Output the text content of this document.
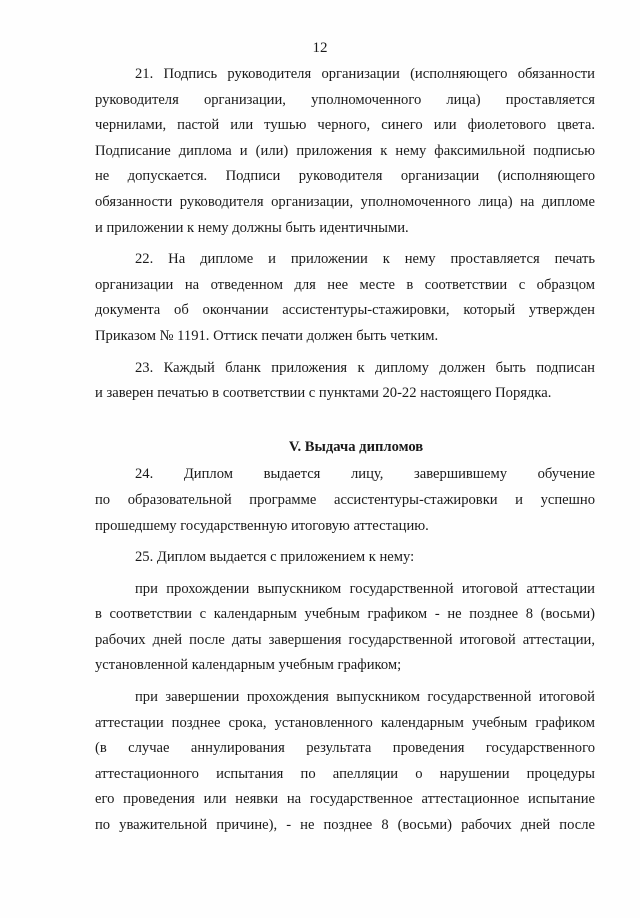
12

21. Подпись руководителя организации (исполняющего обязанности
руководителя организации, уполномоченного лица) проставляется
чернилами, пастой или тушью черного, синего или фиолетового цвета.
Подписание диплома и (или) приложения к нему факсимильной подписью
не допускается. Подписи руководителя организации (исполняющего
обязанности руководителя организации, уполномоченного лица) на дипломе
и приложении к нему должны быть идентичными.

22. На дипломе и приложении к нему проставляется печать
организации на отведенном для нее месте в соответствии с образцом
документа об окончании ассистентуры-стажировки, который утвержден
Приказом № 1191. Оттиск печати должен быть четким.

23. Каждый бланк приложения к диплому должен быть подписан
и заверен печатью в соответствии с пунктами 20-22 настоящего Порядка.

V. Выдача дипломов

24. Диплом выдается лицу, завершившему обучение
по образовательной программе ассистентуры-стажировки и успешно
прошедшему государственную итоговую аттестацию.

25. Диплом выдается с приложением к нему:

при прохождении выпускником государственной итоговой аттестации
в соответствии с календарным учебным графиком - не позднее 8 (восьми)
рабочих дней после даты завершения государственной итоговой аттестации,
установленной календарным учебным графиком;

при завершении прохождения выпускником государственной итоговой
аттестации позднее срока, установленного календарным учебным графиком
(в случае аннулирования результата проведения государственного
аттестационного испытания по апелляции о нарушении процедуры
его проведения или неявки на государственное аттестационное испытание
по уважительной причине), - не позднее 8 (восьми) рабочих дней после
